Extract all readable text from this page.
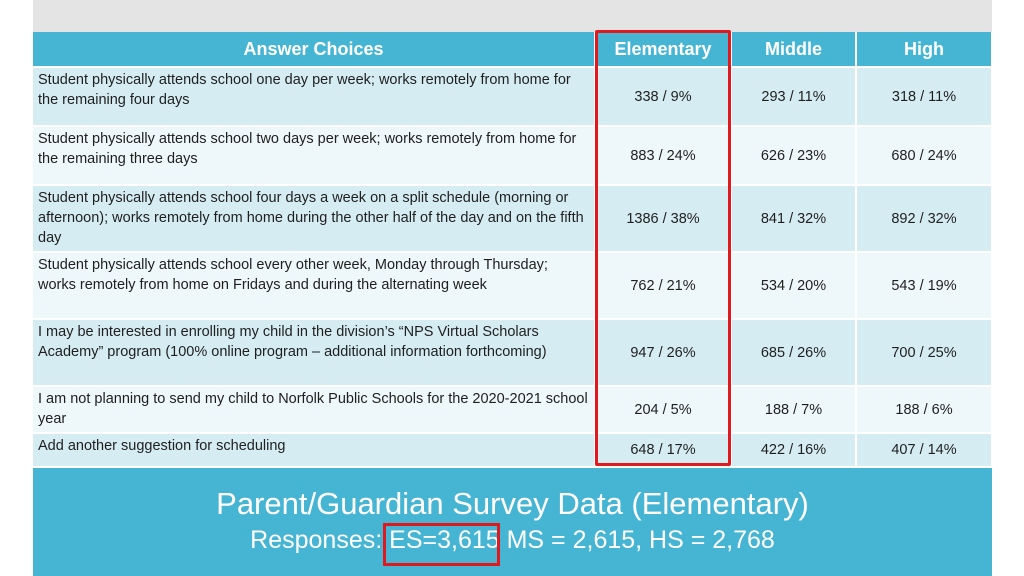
Answer Choices	Elementary	Middle	High
Student physically attends school one day per week; works remotely from home for the remaining four days	338 / 9%	293 / 11%	318 / 11%
Student physically attends school two days per week; works remotely from home for the remaining three days	883 / 24%	626 / 23%	680 / 24%
Student physically attends school four days a week on a split schedule (morning or afternoon); works remotely from home during the other half of the day and on the fifth day	1386 / 38%	841 / 32%	892 / 32%
Student physically attends school every other week, Monday through Thursday; works remotely from home on Fridays and during the alternating week	762 / 21%	534 / 20%	543 / 19%
I may be interested in enrolling my child in the division’s “NPS Virtual Scholars Academy” program (100% online program – additional information forthcoming)	947 / 26%	685 / 26%	700 / 25%
I am not planning to send my child to Norfolk Public Schools for the 2020-2021 school year	204 / 5%	188 / 7%	188 / 6%
Add another suggestion for scheduling	648 / 17%	422 / 16%	407 / 14%
Parent/Guardian Survey Data (Elementary)
Responses: ES=3,615 MS = 2,615, HS = 2,768
